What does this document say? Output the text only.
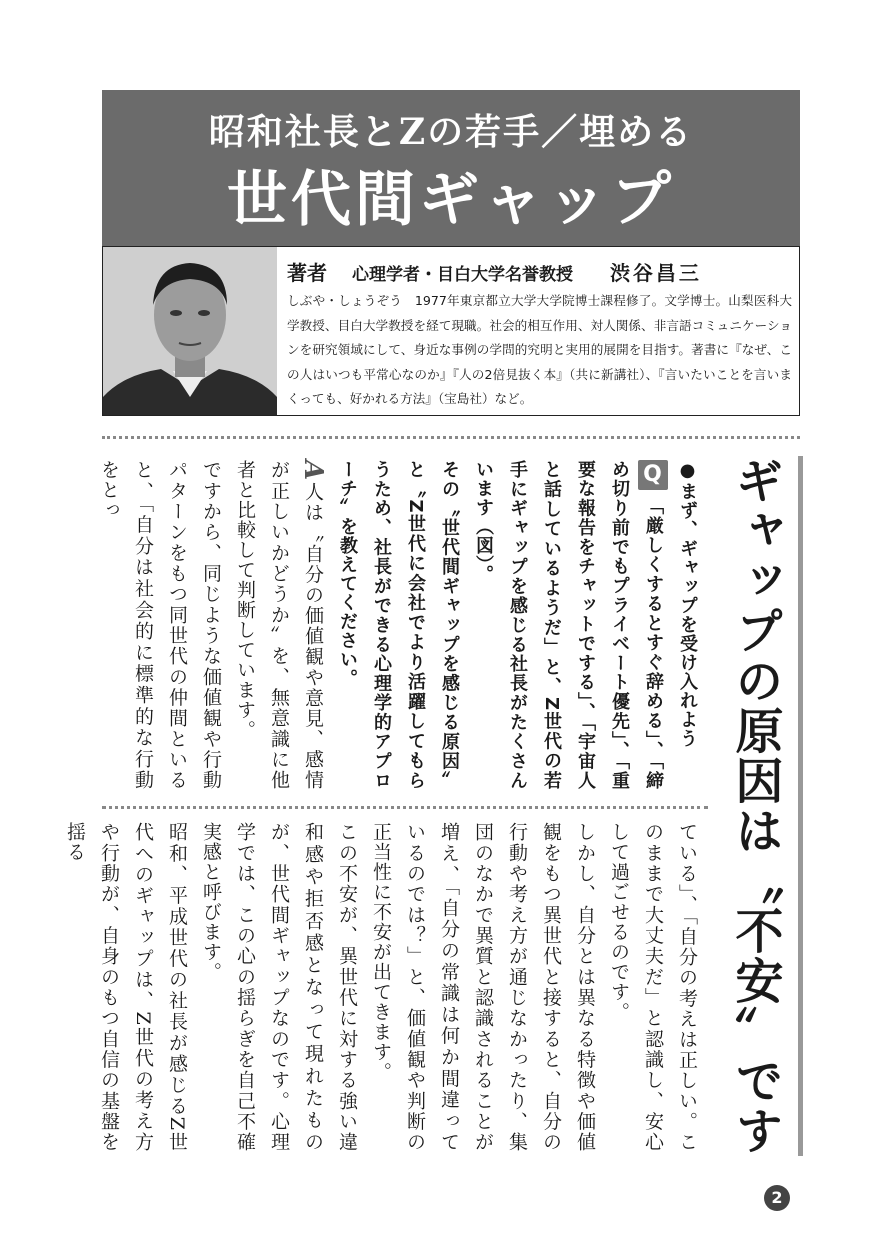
昭和社長とZの若手／埋める
世代間ギャップ
著者 心理学者・目白大学名誉教授 渋谷昌三
しぶや・しょうぞう　1977年東京都立大学大学院博士課程修了。文学博士。山梨医科大学教授、目白大学教授を経て現職。社会的相互作用、対人関係、非言語コミュニケーションを研究領域にして、身近な事例の学問的究明と実用的展開を目指す。著書に『なぜ、この人はいつも平常心なのか』『人の2倍見抜く本』（共に新講社）、『言いたいことを言いまくっても、好かれる方法』（宝島社）など。
ギャップの原因は〝不安〟です

●まず、ギャップを受け入れよう

Q「厳しくするとすぐ辞める」、「締め切り前でもプライベート優先」、「重要な報告をチャットでする」、「宇宙人と話しているようだ」と、Z世代の若手にギャップを感じる社長がたくさんいます（図）。

その〝世代間ギャップを感じる原因〟と〝Z世代に会社でより活躍してもらうため、社長ができる心理学的アプローチ〟を教えてください。

A人は〝自分の価値観や意見、感情が正しいかどうか〟を、無意識に他者と比較して判断しています。

ですから、同じような価値観や行動パターンをもつ同世代の仲間といると、「自分は社会的に標準的な行動をとっ

ている」、「自分の考えは正しい。このままで大丈夫だ」と認識し、安心して過ごせるのです。

しかし、自分とは異なる特徴や価値観をもつ異世代と接すると、自分の行動や考え方が通じなかったり、集団のなかで異質と認識されることが増え、「自分の常識は何か間違っているのでは？」と、価値観や判断の正当性に不安が出てきます。

この不安が、異世代に対する強い違和感や拒否感となって現れたものが、世代間ギャップなのです。心理学では、この心の揺らぎを自己不確実感と呼びます。

昭和、平成世代の社長が感じるZ世代へのギャップは、Z世代の考え方や行動が、自身のもつ自信の基盤を揺る

2
